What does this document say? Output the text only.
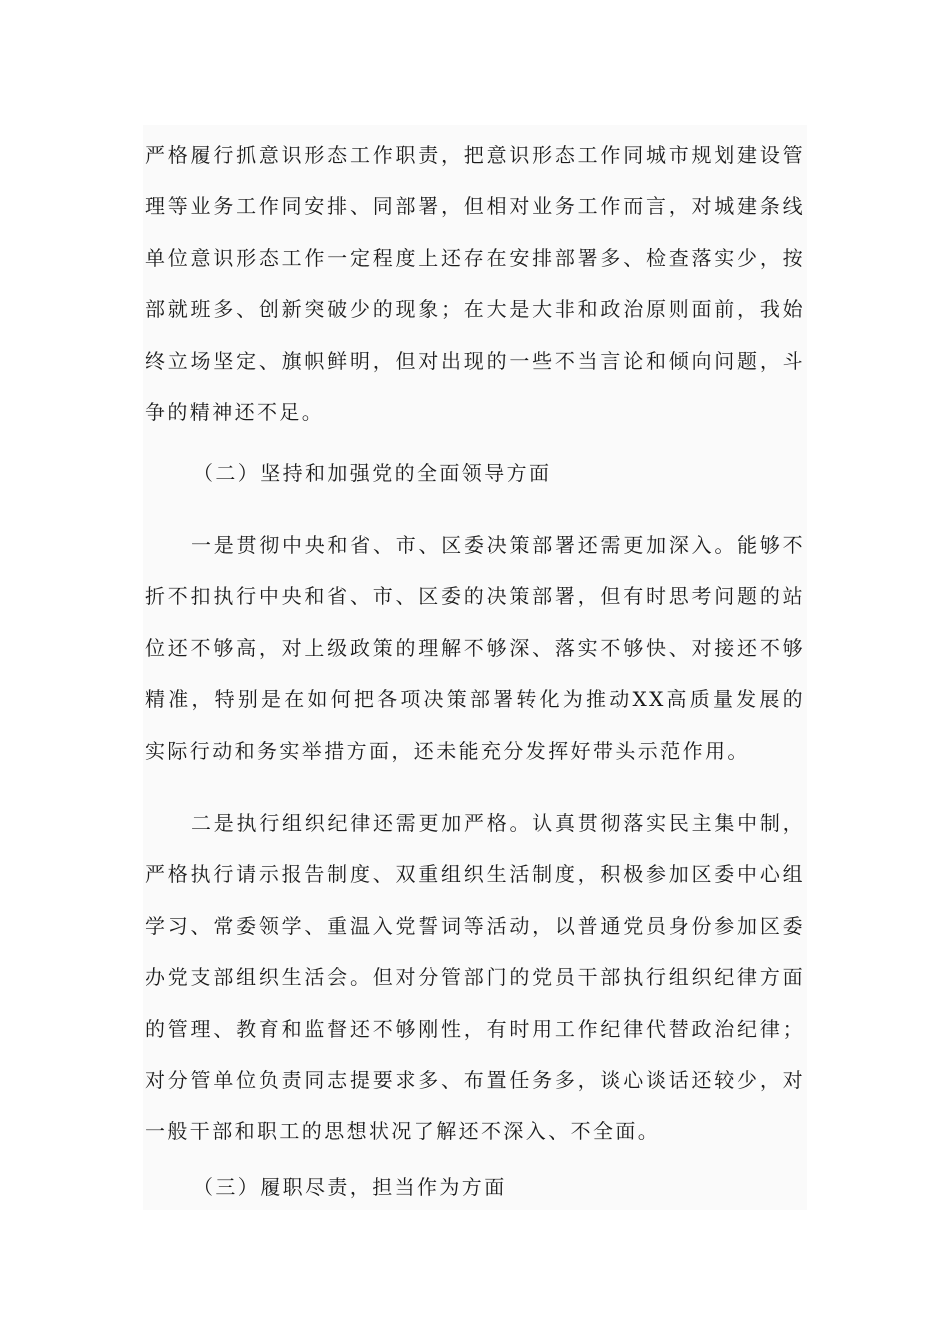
严格履行抓意识形态工作职责，把意识形态工作同城市规划建设管理等业务工作同安排、同部署，但相对业务工作而言，对城建条线单位意识形态工作一定程度上还存在安排部署多、检查落实少，按部就班多、创新突破少的现象；在大是大非和政治原则面前，我始终立场坚定、旗帜鲜明，但对出现的一些不当言论和倾向问题，斗争的精神还不足。

（二）坚持和加强党的全面领导方面

一是贯彻中央和省、市、区委决策部署还需更加深入。能够不折不扣执行中央和省、市、区委的决策部署，但有时思考问题的站位还不够高，对上级政策的理解不够深、落实不够快、对接还不够精准，特别是在如何把各项决策部署转化为推动XX高质量发展的实际行动和务实举措方面，还未能充分发挥好带头示范作用。

二是执行组织纪律还需更加严格。认真贯彻落实民主集中制，严格执行请示报告制度、双重组织生活制度，积极参加区委中心组学习、常委领学、重温入党誓词等活动，以普通党员身份参加区委办党支部组织生活会。但对分管部门的党员干部执行组织纪律方面的管理、教育和监督还不够刚性，有时用工作纪律代替政治纪律；对分管单位负责同志提要求多、布置任务多，谈心谈话还较少，对一般干部和职工的思想状况了解还不深入、不全面。

（三）履职尽责，担当作为方面
